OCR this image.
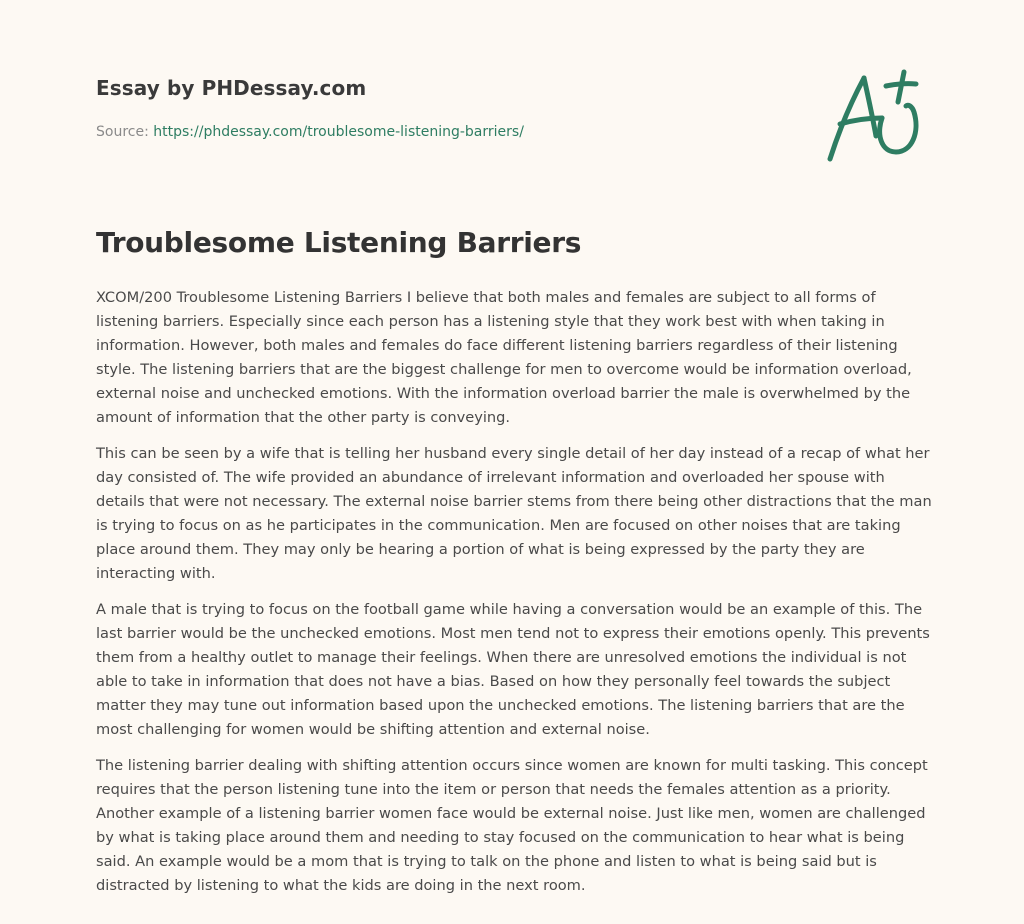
Essay by PHDessay.com
Source: https://phdessay.com/troublesome-listening-barriers/
Troublesome Listening Barriers

XCOM/200 Troublesome Listening Barriers I believe that both males and females are subject to all forms of listening barriers. Especially since each person has a listening style that they work best with when taking in information. However, both males and females do face different listening barriers regardless of their listening style. The listening barriers that are the biggest challenge for men to overcome would be information overload, external noise and unchecked emotions. With the information overload barrier the male is overwhelmed by the amount of information that the other party is conveying.

This can be seen by a wife that is telling her husband every single detail of her day instead of a recap of what her day consisted of. The wife provided an abundance of irrelevant information and overloaded her spouse with details that were not necessary. The external noise barrier stems from there being other distractions that the man is trying to focus on as he participates in the communication. Men are focused on other noises that are taking place around them. They may only be hearing a portion of what is being expressed by the party they are interacting with.

A male that is trying to focus on the football game while having a conversation would be an example of this. The last barrier would be the unchecked emotions. Most men tend not to express their emotions openly. This prevents them from a healthy outlet to manage their feelings. When there are unresolved emotions the individual is not able to take in information that does not have a bias. Based on how they personally feel towards the subject matter they may tune out information based upon the unchecked emotions. The listening barriers that are the most challenging for women would be shifting attention and external noise.

The listening barrier dealing with shifting attention occurs since women are known for multi tasking. This concept requires that the person listening tune into the item or person that needs the females attention as a priority. Another example of a listening barrier women face would be external noise. Just like men, women are challenged by what is taking place around them and needing to stay focused on the communication to hear what is being said. An example would be a mom that is trying to talk on the phone and listen to what is being said but is distracted by listening to what the kids are doing in the next room.
